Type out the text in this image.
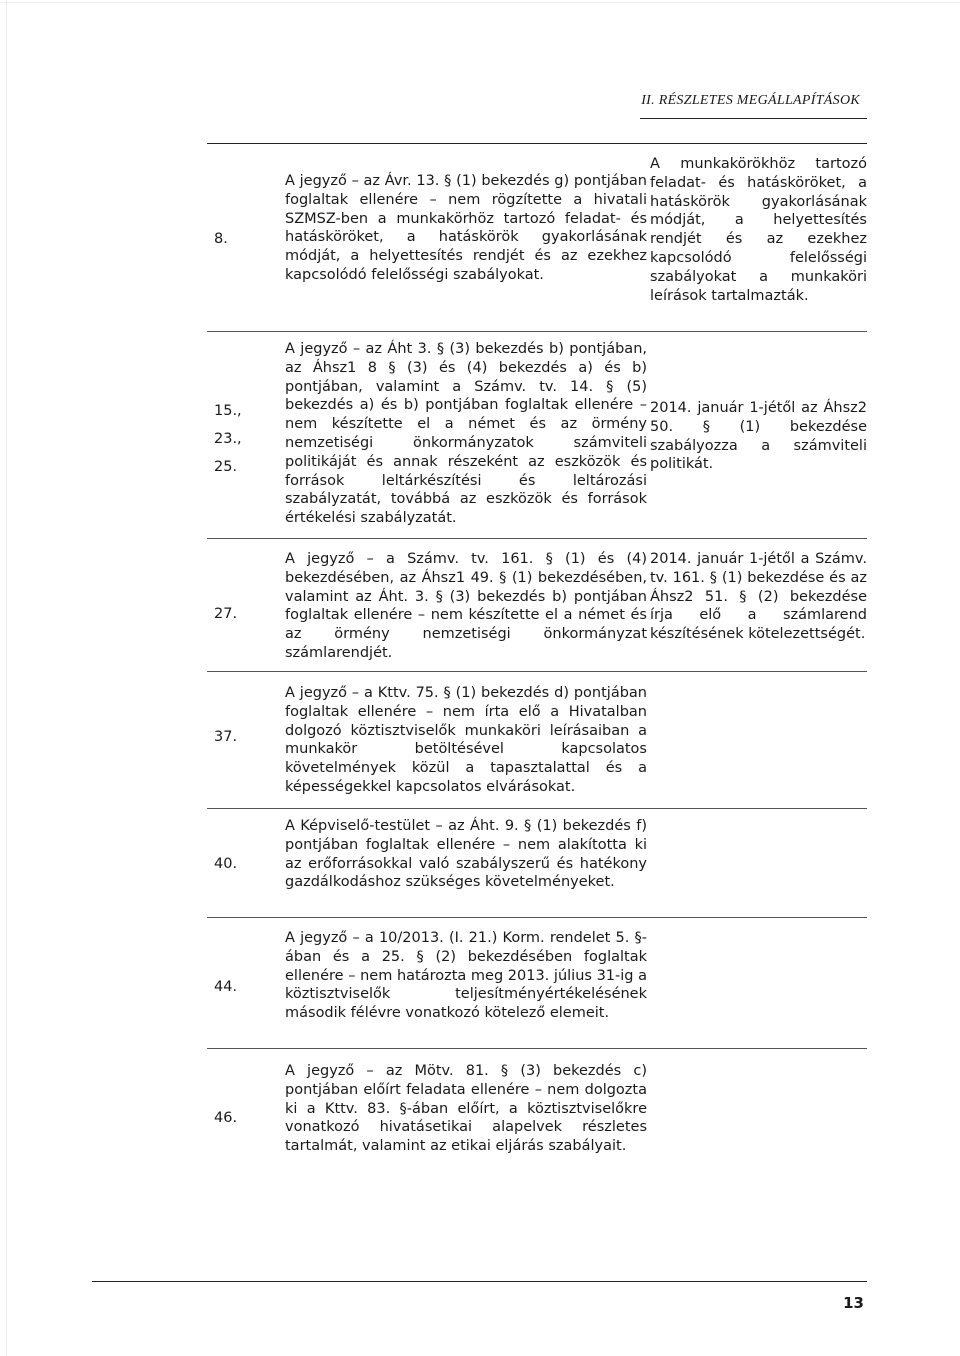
II. RÉSZLETES MEGÁLLAPÍTÁSOK
8.
A jegyző – az Ávr. 13. § (1) bekezdés g) pontjában foglaltak ellenére – nem rögzítette a hivatali SZMSZ-ben a munkakörhöz tartozó feladat- és hatásköröket, a hatáskörök gyakorlásának módját, a helyettesítés rendjét és az ezekhez kapcsolódó felelősségi szabályokat.
A munkakörökhöz tartozó feladat- és hatásköröket, a hatáskörök gyakorlásának módját, a helyettesítés rendjét és az ezekhez kapcsolódó felelősségi szabályokat a munkaköri leírások tartalmazták.
15.,
23.,
25.
A jegyző – az Áht 3. § (3) bekezdés b) pontjában, az Áhsz1 8 § (3) és (4) bekezdés a) és b) pontjában, valamint a Számv. tv. 14. § (5) bekezdés a) és b) pontjában foglaltak ellenére – nem készítette el a német és az örmény nemzetiségi önkormányzatok számviteli politikáját és annak részeként az eszközök és források leltárkészítési és leltározási szabályzatát, továbbá az eszközök és források értékelési szabályzatát.
2014. január 1-jétől az Áhsz2 50. § (1) bekezdése szabályozza a számviteli politikát.
27.
A jegyző – a Számv. tv. 161. § (1) és (4) bekezdésében, az Áhsz1 49. § (1) bekezdésében, valamint az Áht. 3. § (3) bekezdés b) pontjában foglaltak ellenére – nem készítette el a német és az örmény nemzetiségi önkormányzat számlarendjét.
2014. január 1-jétől a Számv. tv. 161. § (1) bekezdése és az Áhsz2 51. § (2) bekezdése írja elő a számlarend készítésének kötelezettségét.
37.
A jegyző – a Kttv. 75. § (1) bekezdés d) pontjában foglaltak ellenére – nem írta elő a Hivatalban dolgozó köztisztviselők munkaköri leírásaiban a munkakör betöltésével kapcsolatos követelmények közül a tapasztalattal és a képességekkel kapcsolatos elvárásokat.
40.
A Képviselő-testület – az Áht. 9. § (1) bekezdés f) pontjában foglaltak ellenére – nem alakította ki az erőforrásokkal való szabályszerű és hatékony gazdálkodáshoz szükséges követelményeket.
44.
A jegyző – a 10/2013. (I. 21.) Korm. rendelet 5. §-ában és a 25. § (2) bekezdésében foglaltak ellenére – nem határozta meg 2013. július 31-ig a köztisztviselők teljesítményértékelésének második félévre vonatkozó kötelező elemeit.
46.
A jegyző – az Mötv. 81. § (3) bekezdés c) pontjában előírt feladata ellenére – nem dolgozta ki a Kttv. 83. §-ában előírt, a köztisztviselőkre vonatkozó hivatásetikai alapelvek részletes tartalmát, valamint az etikai eljárás szabályait.
13
